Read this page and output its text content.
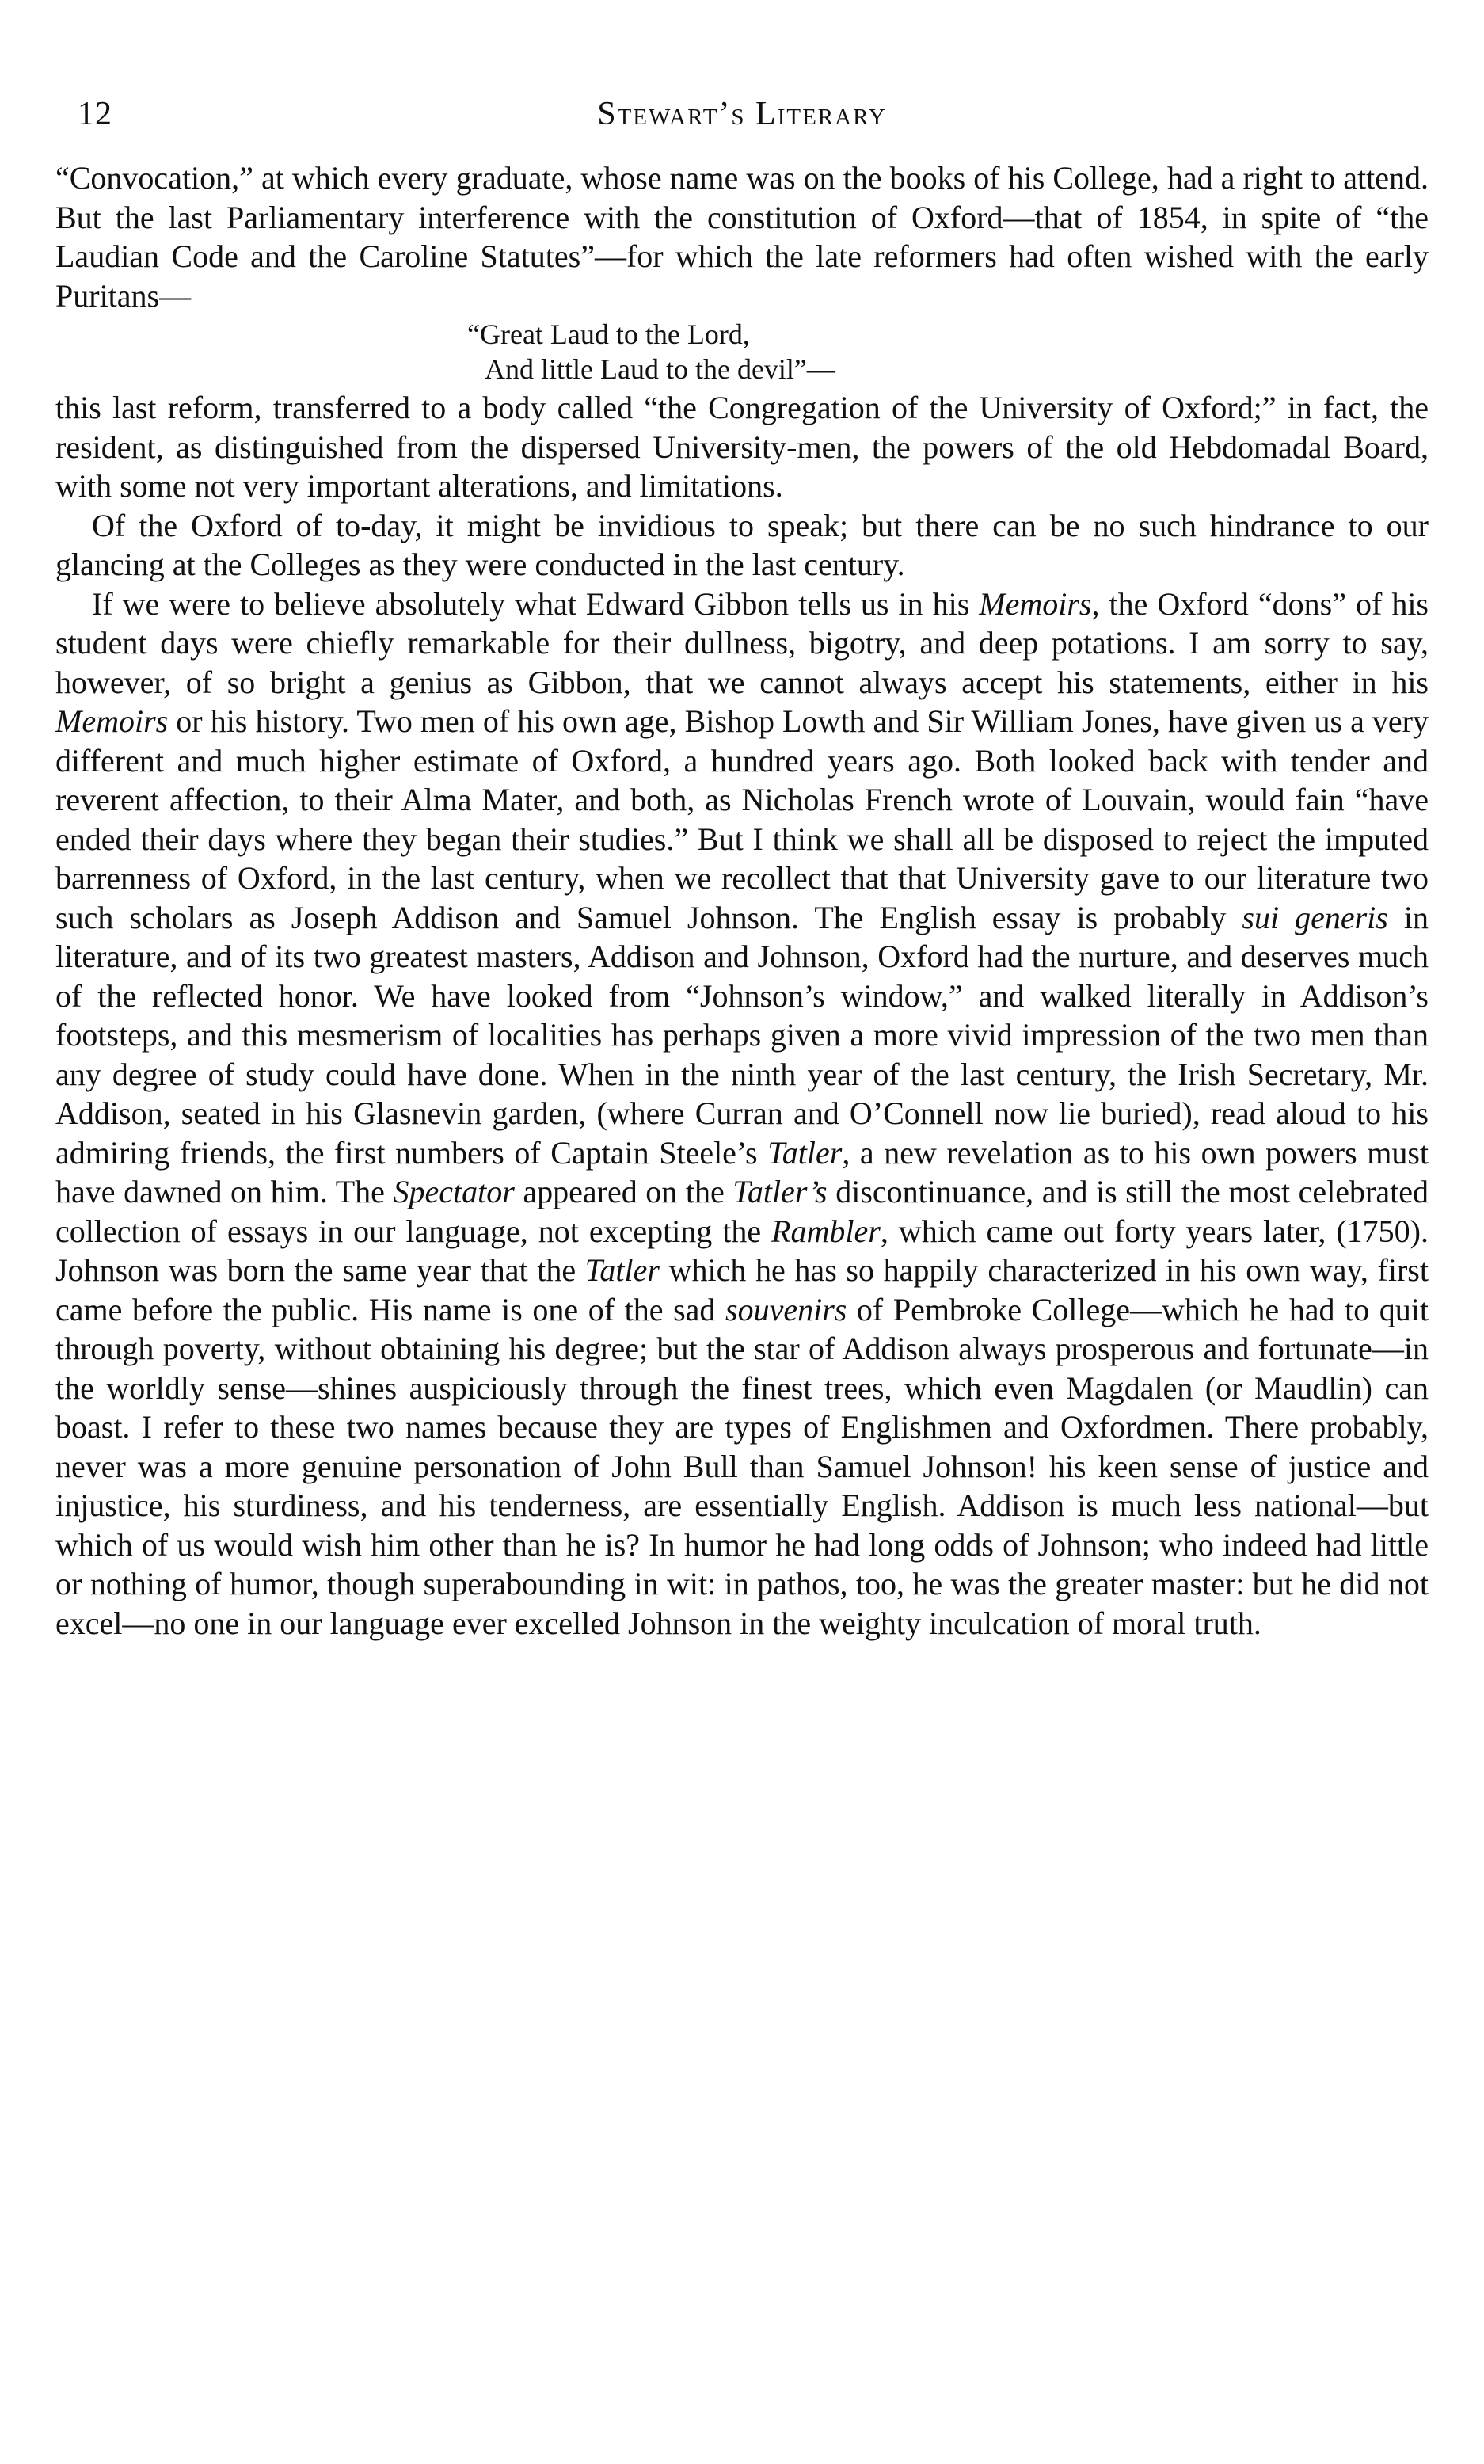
12	Stewart’s Literary

“Convocation,” at which every graduate, whose name was on the books of his College, had a right to attend. But the last Parliamentary interference with the constitution of Oxford—that of 1854, in spite of “the Laudian Code and the Caroline Statutes”—for which the late reformers had often wished with the early Puritans—

“Great Laud to the Lord,
And little Laud to the devil”—

this last reform, transferred to a body called “the Congregation of the University of Oxford;” in fact, the resident, as distinguished from the dispersed University-men, the powers of the old Hebdomadal Board, with some not very important alterations, and limitations.

Of the Oxford of to-day, it might be invidious to speak; but there can be no such hindrance to our glancing at the Colleges as they were conducted in the last century.

If we were to believe absolutely what Edward Gibbon tells us in his Memoirs, the Oxford “dons” of his student days were chiefly remarkable for their dullness, bigotry, and deep potations. I am sorry to say, however, of so bright a genius as Gibbon, that we cannot always accept his statements, either in his Memoirs or his history. Two men of his own age, Bishop Lowth and Sir William Jones, have given us a very different and much higher estimate of Oxford, a hundred years ago. Both looked back with tender and reverent affection, to their Alma Mater, and both, as Nicholas French wrote of Louvain, would fain “have ended their days where they began their studies.” But I think we shall all be disposed to reject the imputed barrenness of Oxford, in the last century, when we recollect that that University gave to our literature two such scholars as Joseph Addison and Samuel Johnson. The English essay is probably sui generis in literature, and of its two greatest masters, Addison and Johnson, Oxford had the nurture, and deserves much of the reflected honor. We have looked from “Johnson’s window,” and walked literally in Addison’s footsteps, and this mesmerism of localities has perhaps given a more vivid impression of the two men than any degree of study could have done. When in the ninth year of the last century, the Irish Secretary, Mr. Addison, seated in his Glasnevin garden, (where Curran and O’Connell now lie buried), read aloud to his admiring friends, the first numbers of Captain Steele’s Tatler, a new revelation as to his own powers must have dawned on him. The Spectator appeared on the Tatler’s discontinuance, and is still the most celebrated collection of essays in our language, not excepting the Rambler, which came out forty years later, (1750). Johnson was born the same year that the Tatler which he has so happily characterized in his own way, first came before the public. His name is one of the sad souvenirs of Pembroke College—which he had to quit through poverty, without obtaining his degree; but the star of Addison always prosperous and fortunate—in the worldly sense—shines auspiciously through the finest trees, which even Magdalen (or Maudlin) can boast. I refer to these two names because they are types of Englishmen and Oxfordmen. There probably, never was a more genuine personation of John Bull than Samuel Johnson! his keen sense of justice and injustice, his sturdiness, and his tenderness, are essentially English. Addison is much less national—but which of us would wish him other than he is? In humor he had long odds of Johnson; who indeed had little or nothing of humor, though superabounding in wit: in pathos, too, he was the greater master: but he did not excel—no one in our language ever excelled Johnson in the weighty inculcation of moral truth.
